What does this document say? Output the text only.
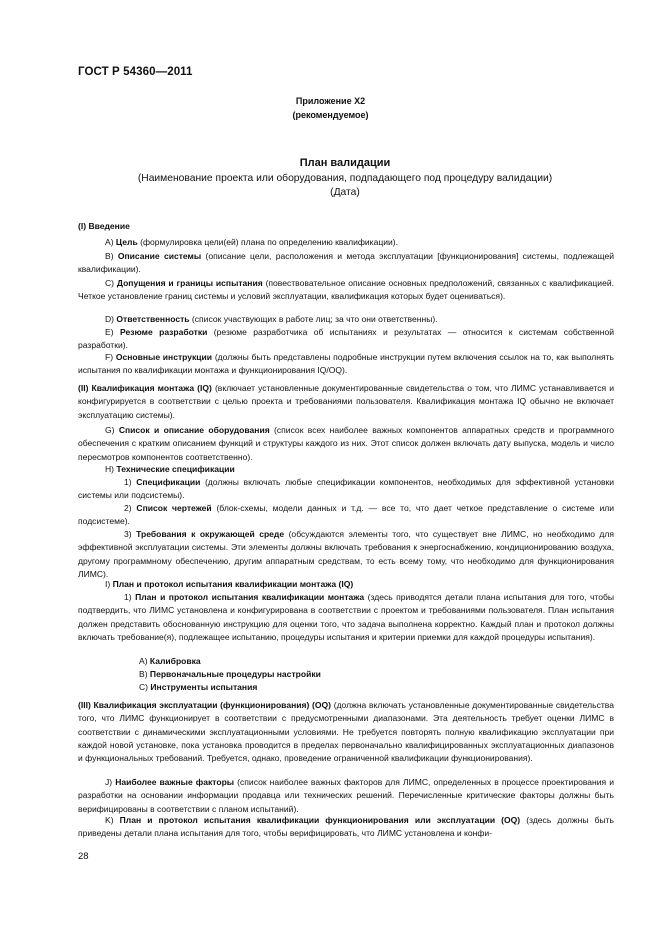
ГОСТ Р 54360—2011
Приложение X2
(рекомендуемое)
План валидации
(Наименование проекта или оборудования, подпадающего под процедуру валидации)
(Дата)
(I) Введение
A) Цель (формулировка цели(ей) плана по определению квалификации).
B) Описание системы (описание цели, расположения и метода эксплуатации [функционирования] системы, подлежащей квалификации).
C) Допущения и границы испытания (повествовательное описание основных предположений, связанных с квалификацией. Четкое установление границ системы и условий эксплуатации, квалификация которых будет оцениваться).
D) Ответственность (список участвующих в работе лиц; за что они ответственны).
E) Резюме разработки (резюме разработчика об испытаниях и результатах — относится к системам собственной разработки).
F) Основные инструкции (должны быть представлены подробные инструкции путем включения ссылок на то, как выполнять испытания по квалификации монтажа и функционирования IQ/OQ).
(II) Квалификация монтажа (IQ) (включает установленные документированные свидетельства о том, что ЛИМС устанавливается и конфигурируется в соответствии с целью проекта и требованиями пользователя. Квалификация монтажа IQ обычно не включает эксплуатацию системы).
G) Список и описание оборудования (список всех наиболее важных компонентов аппаратных средств и программного обеспечения с кратким описанием функций и структуры каждого из них. Этот список должен включать дату выпуска, модель и число пересмотров компонентов соответственно).
H) Технические спецификации
1) Спецификации (должны включать любые спецификации компонентов, необходимых для эффективной установки системы или подсистемы).
2) Список чертежей (блок-схемы, модели данных и т.д. — все то, что дает четкое представление о системе или подсистеме).
3) Требования к окружающей среде (обсуждаются элементы того, что существует вне ЛИМС, но необходимо для эффективной эксплуатации системы. Эти элементы должны включать требования к энергоснабжению, кондиционированию воздуха, другому программному обеспечению, другим аппаратным средствам, то есть всему тому, что необходимо для функционирования ЛИМС).
I) План и протокол испытания квалификации монтажа (IQ)
1) План и протокол испытания квалификации монтажа (здесь приводятся детали плана испытания для того, чтобы подтвердить, что ЛИМС установлена и конфигурирована в соответствии с проектом и требованиями пользователя. План испытания должен представить обоснованную инструкцию для оценки того, что задача выполнена корректно. Каждый план и протокол должны включать требование(я), подлежащее испытанию, процедуры испытания и критерии приемки для каждой процедуры испытания).
A) Калибровка
B) Первоначальные процедуры настройки
C) Инструменты испытания
(III) Квалификация эксплуатации (функционирования) (OQ) (должна включать установленные документированные свидетельства того, что ЛИМС функционирует в соответствии с предусмотренными диапазонами. Эта деятельность требует оценки ЛИМС в соответствии с динамическими эксплуатационными условиями. Не требуется повторять полную квалификацию эксплуатации при каждой новой установке, пока установка проводится в пределах первоначально квалифицированных эксплуатационных диапазонов и функциональных требований. Требуется, однако, проведение ограниченной квалификации функционирования).
J) Наиболее важные факторы (список наиболее важных факторов для ЛИМС, определенных в процессе проектирования и разработки на основании информации продавца или технических решений. Перечисленные критические факторы должны быть верифицированы в соответствии с планом испытаний).
K) План и протокол испытания квалификации функционирования или эксплуатации (OQ) (здесь должны быть приведены детали плана испытания для того, чтобы верифицировать, что ЛИМС установлена и конфи-
28
